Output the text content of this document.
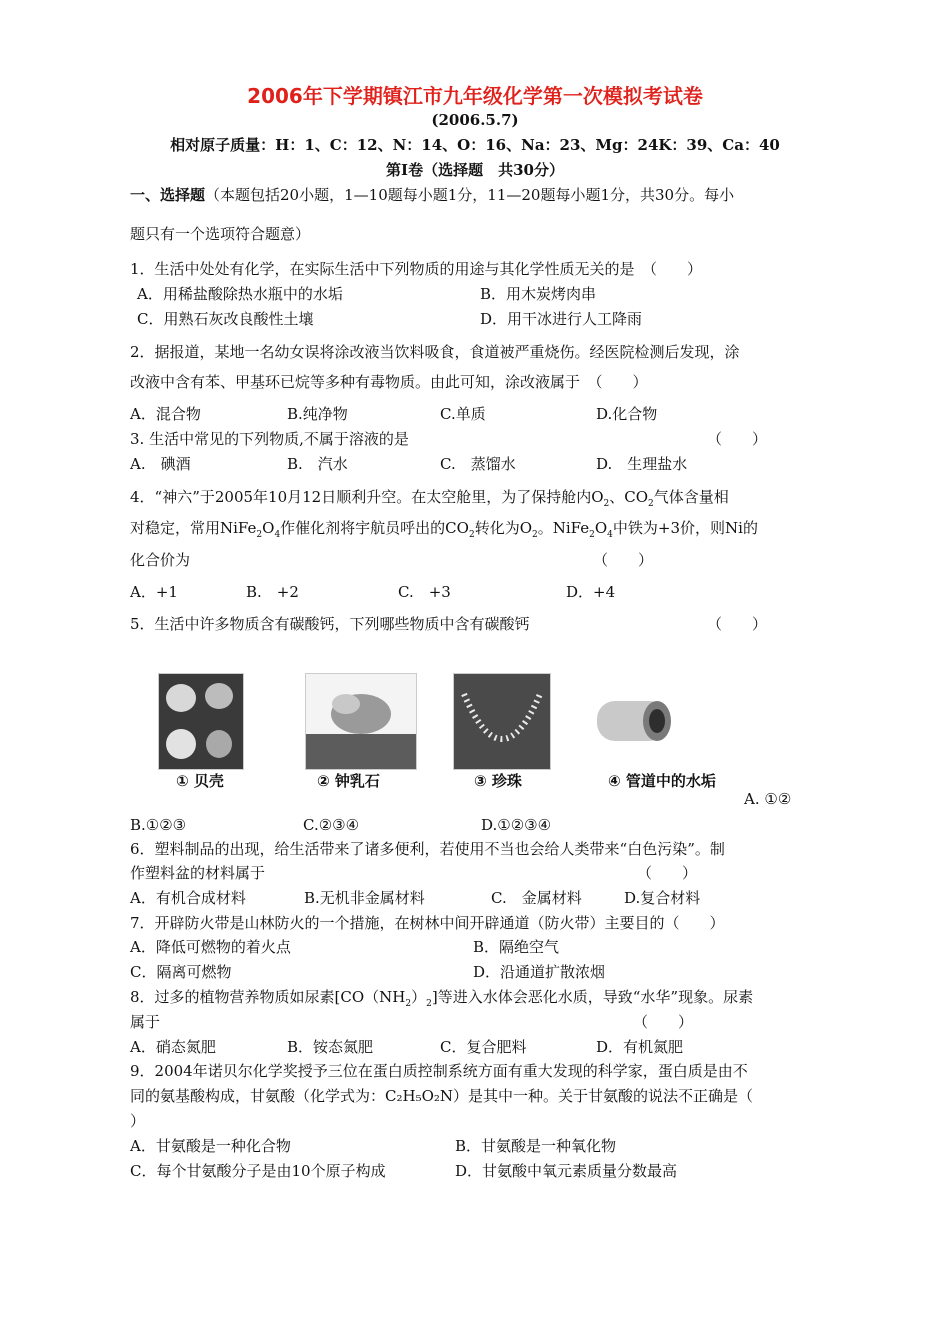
2006年下学期镇江市九年级化学第一次模拟考试卷
(2006.5.7)
相对原子质量：H：1、C：12、N：14、O：16、Na：23、Mg：24K：39、Ca：40
第Ⅰ卷（选择题　共30分）
一、选择题（本题包括20小题，1—10题每小题1分，11—20题每小题1分，共30分。每小
题只有一个选项符合题意）
1．生活中处处有化学，在实际生活中下列物质的用途与其化学性质无关的是　（　　）
A．用稀盐酸除热水瓶中的水垢	B．用木炭烤肉串
C．用熟石灰改良酸性土壤	D．用干冰进行人工降雨
2．据报道，某地一名幼女误将涂改液当饮料吸食，食道被严重烧伤。经医院检测后发现，涂
改液中含有苯、甲基环已烷等多种有毒物质。由此可知，涂改液属于　（　　）
A．混合物	B.纯净物	C.单质	D.化合物
3. 生活中常见的下列物质,不属于溶液的是	（　　）
A.　碘酒	B.　汽水	C.　蒸馏水	D.　生理盐水
4．“神六”于2005年10月12日顺利升空。在太空舱里，为了保持舱内$O_2$、$CO_2$气体含量相
对稳定，常用$NiFe_2O_4$作催化剂将宇航员呼出的$CO_2$转化为$O_2$。$NiFe_2O_4$中铁为+3价，则Ni的
化合价为	（　　）
A．+1	B.　+2	C.　+3	D．+4
5．生活中许多物质含有碳酸钙，下列哪些物质中含有碳酸钙	（　　）
① 贝壳	② 钟乳石	③ 珍珠	④ 管道中的水垢
A. ①②
B.①②③	C.②③④	D.①②③④
6．塑料制品的出现，给生活带来了诸多便利，若使用不当也会给人类带来“白色污染”。制
作塑料盆的材料属于	（　　）
A．有机合成材料	B.无机非金属材料	C.　金属材料	D.复合材料
7．开辟防火带是山林防火的一个措施，在树林中间开辟通道（防火带）主要目的（　　）
A．降低可燃物的着火点	B．隔绝空气
C．隔离可燃物	D．沿通道扩散浓烟
8．过多的植物营养物质如尿素$[CO(NH_2)_2]$等进入水体会恶化水质，导致“水华”现象。尿素
属于	（　　）
A．硝态氮肥	B．铵态氮肥	C．复合肥料	D．有机氮肥
9．2004年诺贝尔化学奖授予三位在蛋白质控制系统方面有重大发现的科学家，蛋白质是由不
同的氨基酸构成，甘氨酸（化学式为：C₂H₅O₂N）是其中一种。关于甘氨酸的说法不正确是（
）
A．甘氨酸是一种化合物	B．甘氨酸是一种氧化物
C．每个甘氨酸分子是由10个原子构成	D．甘氨酸中氧元素质量分数最高
